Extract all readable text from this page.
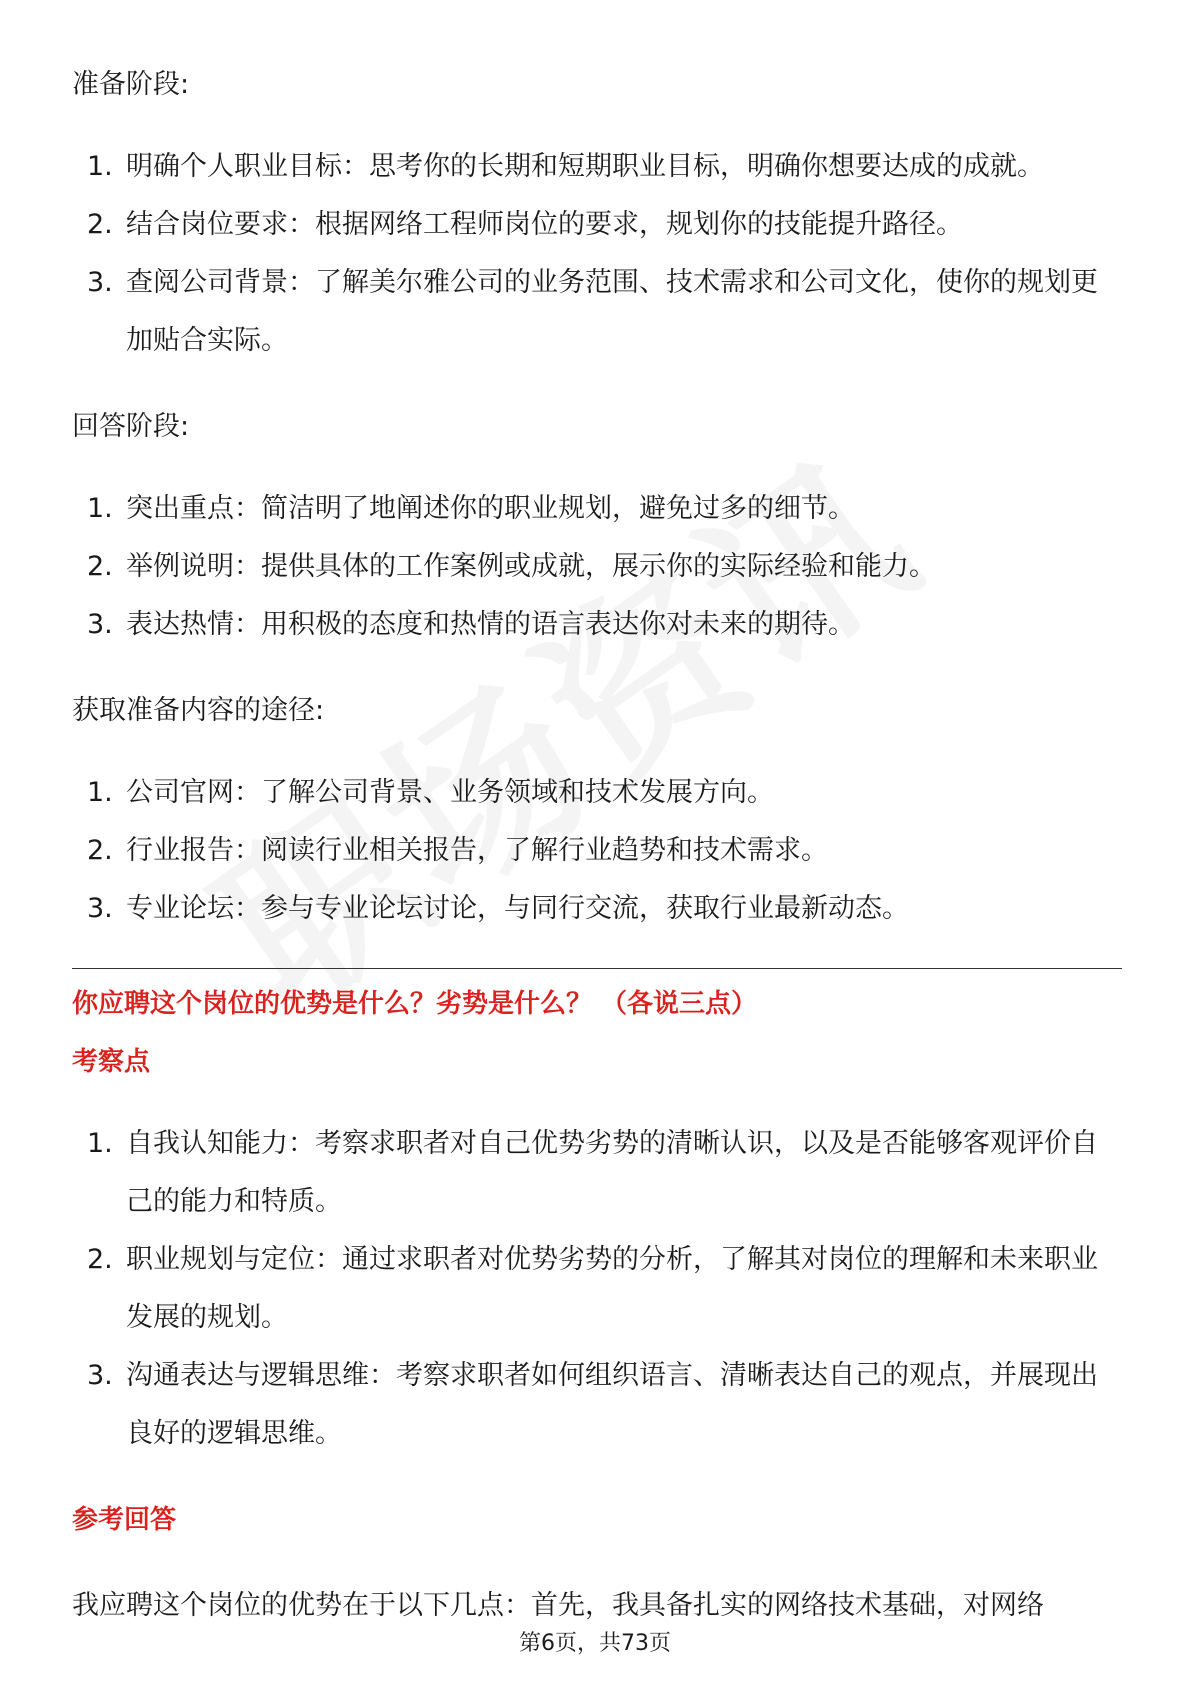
准备阶段:

1. 明确个人职业目标：思考你的长期和短期职业目标，明确你想要达成的成就。
2. 结合岗位要求：根据网络工程师岗位的要求，规划你的技能提升路径。
3. 查阅公司背景：了解美尔雅公司的业务范围、技术需求和公司文化，使你的规划更加贴合实际。

回答阶段:

1. 突出重点：简洁明了地阐述你的职业规划，避免过多的细节。
2. 举例说明：提供具体的工作案例或成就，展示你的实际经验和能力。
3. 表达热情：用积极的态度和热情的语言表达你对未来的期待。

获取准备内容的途径:

1. 公司官网：了解公司背景、业务领域和技术发展方向。
2. 行业报告：阅读行业相关报告，了解行业趋势和技术需求。
3. 专业论坛：参与专业论坛讨论，与同行交流，获取行业最新动态。
你应聘这个岗位的优势是什么？劣势是什么？ （各说三点）
考察点
1. 自我认知能力：考察求职者对自己优势劣势的清晰认识，以及是否能够客观评价自己的能力和特质。
2. 职业规划与定位：通过求职者对优势劣势的分析，了解其对岗位的理解和未来职业发展的规划。
3. 沟通表达与逻辑思维：考察求职者如何组织语言、清晰表达自己的观点，并展现出良好的逻辑思维。
参考回答
我应聘这个岗位的优势在于以下几点：首先，我具备扎实的网络技术基础，对网络
第6页，共73页
